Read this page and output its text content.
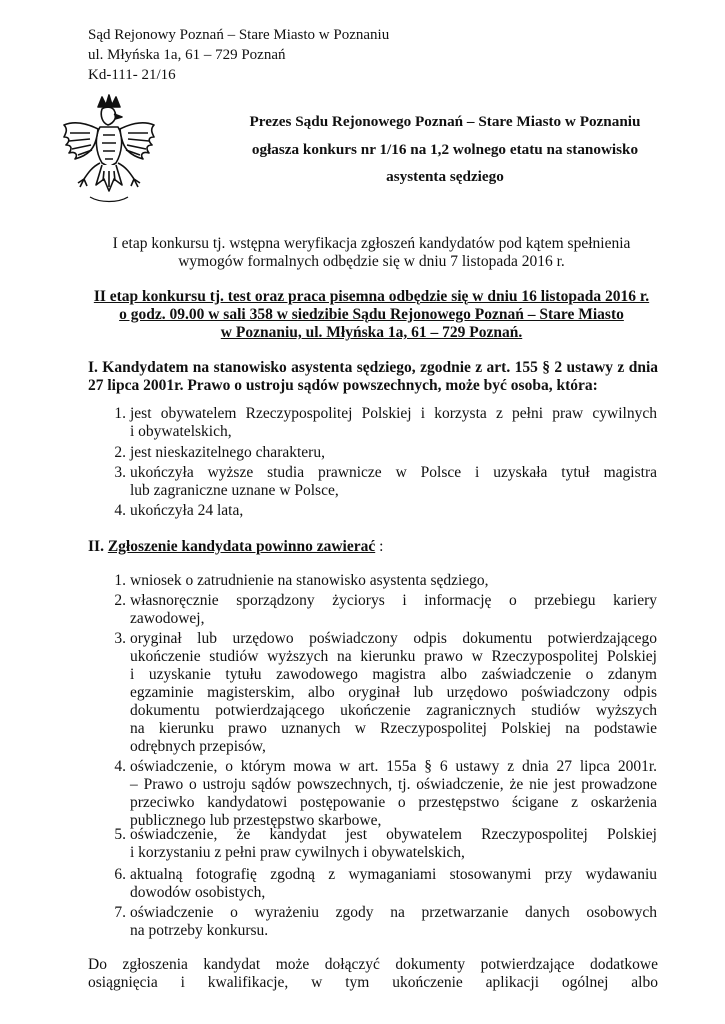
Sąd Rejonowy Poznań – Stare Miasto w Poznaniu
ul. Młyńska 1a, 61 – 729 Poznań
Kd-111- 21/16
Prezes Sądu Rejonowego Poznań – Stare Miasto w Poznaniu
ogłasza konkurs nr 1/16 na 1,2 wolnego etatu na stanowisko
asystenta sędziego
I etap konkursu tj. wstępna weryfikacja zgłoszeń kandydatów pod kątem spełnienia
wymogów formalnych odbędzie się w dniu 7 listopada 2016 r.
II etap konkursu tj. test oraz praca pisemna odbędzie się w dniu 16 listopada 2016 r.
o godz. 09.00 w sali 358 w siedzibie Sądu Rejonowego Poznań – Stare Miasto
w Poznaniu, ul. Młyńska 1a, 61 – 729 Poznań.
I. Kandydatem na stanowisko asystenta sędziego, zgodnie z art. 155 § 2 ustawy z dnia
27 lipca 2001r. Prawo o ustroju sądów powszechnych, może być osoba, która:
1. jest obywatelem Rzeczypospolitej Polskiej i korzysta z pełni praw cywilnych
i obywatelskich,
2. jest nieskazitelnego charakteru,
3. ukończyła wyższe studia prawnicze w Polsce i uzyskała tytuł magistra
lub zagraniczne uznane w Polsce,
4. ukończyła 24 lata,
II. Zgłoszenie kandydata powinno zawierać :
1. wniosek o zatrudnienie na stanowisko asystenta sędziego,
2. własnoręcznie sporządzony życiorys i informację o przebiegu kariery
zawodowej,
3. oryginał lub urzędowo poświadczony odpis dokumentu potwierdzającego
ukończenie studiów wyższych na kierunku prawo w Rzeczypospolitej Polskiej
i uzyskanie tytułu zawodowego magistra albo zaświadczenie o zdanym
egzaminie magisterskim, albo oryginał lub urzędowo poświadczony odpis
dokumentu potwierdzającego ukończenie zagranicznych studiów wyższych
na kierunku prawo uznanych w Rzeczypospolitej Polskiej na podstawie
odrębnych przepisów,
4. oświadczenie, o którym mowa w art. 155a § 6 ustawy z dnia 27 lipca 2001r.
– Prawo o ustroju sądów powszechnych, tj. oświadczenie, że nie jest prowadzone
przeciwko kandydatowi postępowanie o przestępstwo ścigane z oskarżenia
publicznego lub przestępstwo skarbowe,
5. oświadczenie, że kandydat jest obywatelem Rzeczypospolitej Polskiej
i korzystaniu z pełni praw cywilnych i obywatelskich,
6. aktualną fotografię zgodną z wymaganiami stosowanymi przy wydawaniu
dowodów osobistych,
7. oświadczenie o wyrażeniu zgody na przetwarzanie danych osobowych
na potrzeby konkursu.
Do zgłoszenia kandydat może dołączyć dokumenty potwierdzające dodatkowe
osiągnięcia i kwalifikacje, w tym ukończenie aplikacji ogólnej albo
